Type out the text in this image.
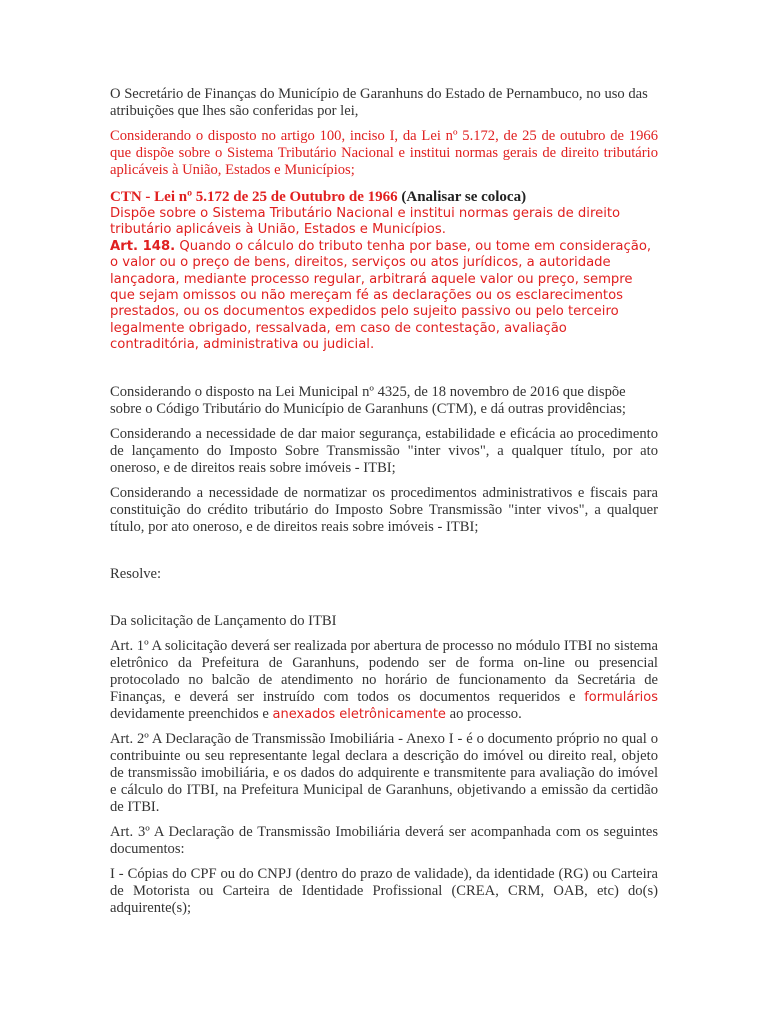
O Secretário de Finanças do Município de Garanhuns do Estado de Pernambuco, no uso das atribuições que lhes são conferidas por lei,

Considerando o disposto no artigo 100, inciso I, da Lei nº 5.172, de 25 de outubro de 1966 que dispõe sobre o Sistema Tributário Nacional e institui normas gerais de direito tributário aplicáveis à União, Estados e Municípios;

CTN - Lei nº 5.172 de 25 de Outubro de 1966 (Analisar se coloca)

Dispõe sobre o Sistema Tributário Nacional e institui normas gerais de direito tributário aplicáveis à União, Estados e Municípios.

Art. 148. Quando o cálculo do tributo tenha por base, ou tome em consideração, o valor ou o preço de bens, direitos, serviços ou atos jurídicos, a autoridade lançadora, mediante processo regular, arbitrará aquele valor ou preço, sempre que sejam omissos ou não mereçam fé as declarações ou os esclarecimentos prestados, ou os documentos expedidos pelo sujeito passivo ou pelo terceiro legalmente obrigado, ressalvada, em caso de contestação, avaliação contraditória, administrativa ou judicial.

Considerando o disposto na Lei Municipal nº 4325, de 18 novembro de 2016 que dispõe sobre o Código Tributário do Município de Garanhuns (CTM), e dá outras providências;

Considerando a necessidade de dar maior segurança, estabilidade e eficácia ao procedimento de lançamento do Imposto Sobre Transmissão "inter vivos", a qualquer título, por ato oneroso, e de direitos reais sobre imóveis - ITBI;

Considerando a necessidade de normatizar os procedimentos administrativos e fiscais para constituição do crédito tributário do Imposto Sobre Transmissão "inter vivos", a qualquer título, por ato oneroso, e de direitos reais sobre imóveis - ITBI;

Resolve:

Da solicitação de Lançamento do ITBI

Art. 1º A solicitação deverá ser realizada por abertura de processo no módulo ITBI no sistema eletrônico da Prefeitura de Garanhuns, podendo ser de forma on-line ou presencial protocolado no balcão de atendimento no horário de funcionamento da Secretária de Finanças, e deverá ser instruído com todos os documentos requeridos e formulários devidamente preenchidos e anexados eletrônicamente ao processo.

Art. 2º A Declaração de Transmissão Imobiliária - Anexo I - é o documento próprio no qual o contribuinte ou seu representante legal declara a descrição do imóvel ou direito real, objeto de transmissão imobiliária, e os dados do adquirente e transmitente para avaliação do imóvel e cálculo do ITBI, na Prefeitura Municipal de Garanhuns, objetivando a emissão da certidão de ITBI.

Art. 3º A Declaração de Transmissão Imobiliária deverá ser acompanhada com os seguintes documentos:

I - Cópias do CPF ou do CNPJ (dentro do prazo de validade), da identidade (RG) ou Carteira de Motorista ou Carteira de Identidade Profissional (CREA, CRM, OAB, etc) do(s) adquirente(s);
